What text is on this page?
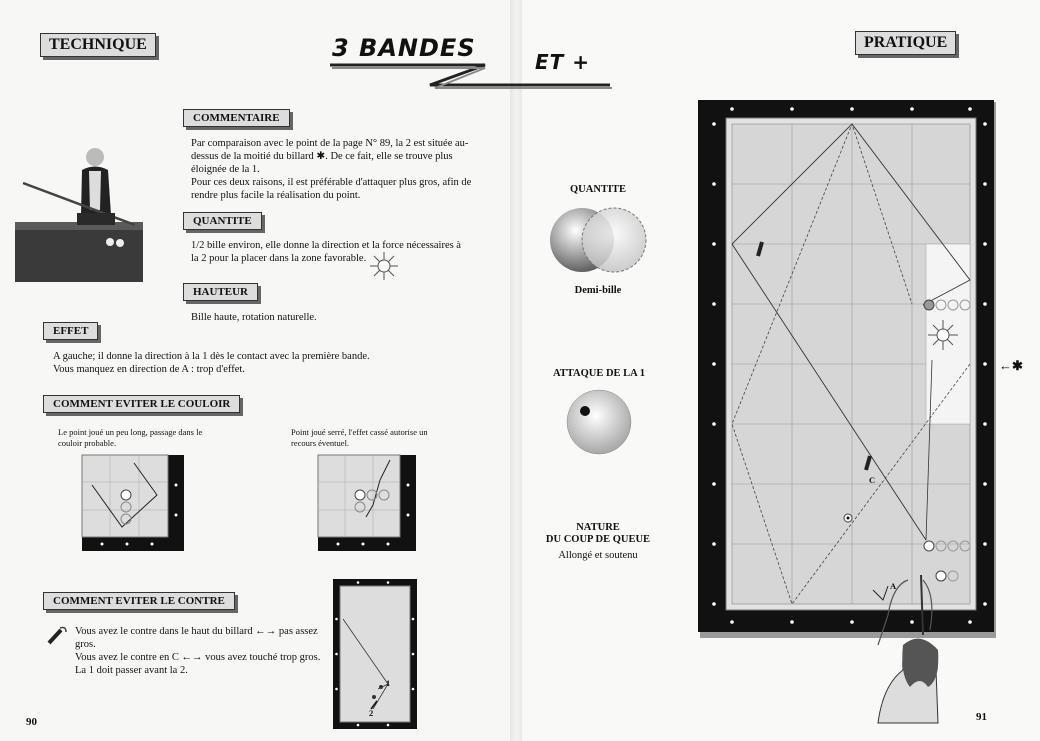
TECHNIQUE	PRATIQUE
3 BANDES	ET +
COMMENTAIRE
Par comparaison avec le point de la page N° 89, la 2 est située au-
dessus de la moitié du billard ✱. De ce fait, elle se trouve plus
éloignée de la 1.
Pour ces deux raisons, il est préférable d'attaquer plus gros, afin de
rendre plus facile la réalisation du point.
QUANTITE
1/2 bille environ, elle donne la direction et la force nécessaires à
la 2 pour la placer dans la zone favorable.
HAUTEUR
Bille haute, rotation naturelle.
EFFET
A gauche; il donne la direction à la 1 dès le contact avec la première bande.
Vous manquez en direction de A : trop d'effet.
COMMENT EVITER LE COULOIR
Le point joué un peu long, passage dans le
couloir probable.
Point joué serré, l'effet cassé autorise un
recours éventuel.
COMMENT EVITER LE CONTRE
Vous avez le contre dans le haut du billard ←→ pas assez
gros.
Vous avez le contre en C ←→ vous avez touché trop gros.
La 1 doit passer avant la 2.
1
2
90
QUANTITE
Demi-bille
ATTAQUE DE LA 1
NATURE
DU COUP DE QUEUE
Allongé et soutenu
C
A
←✱
91
